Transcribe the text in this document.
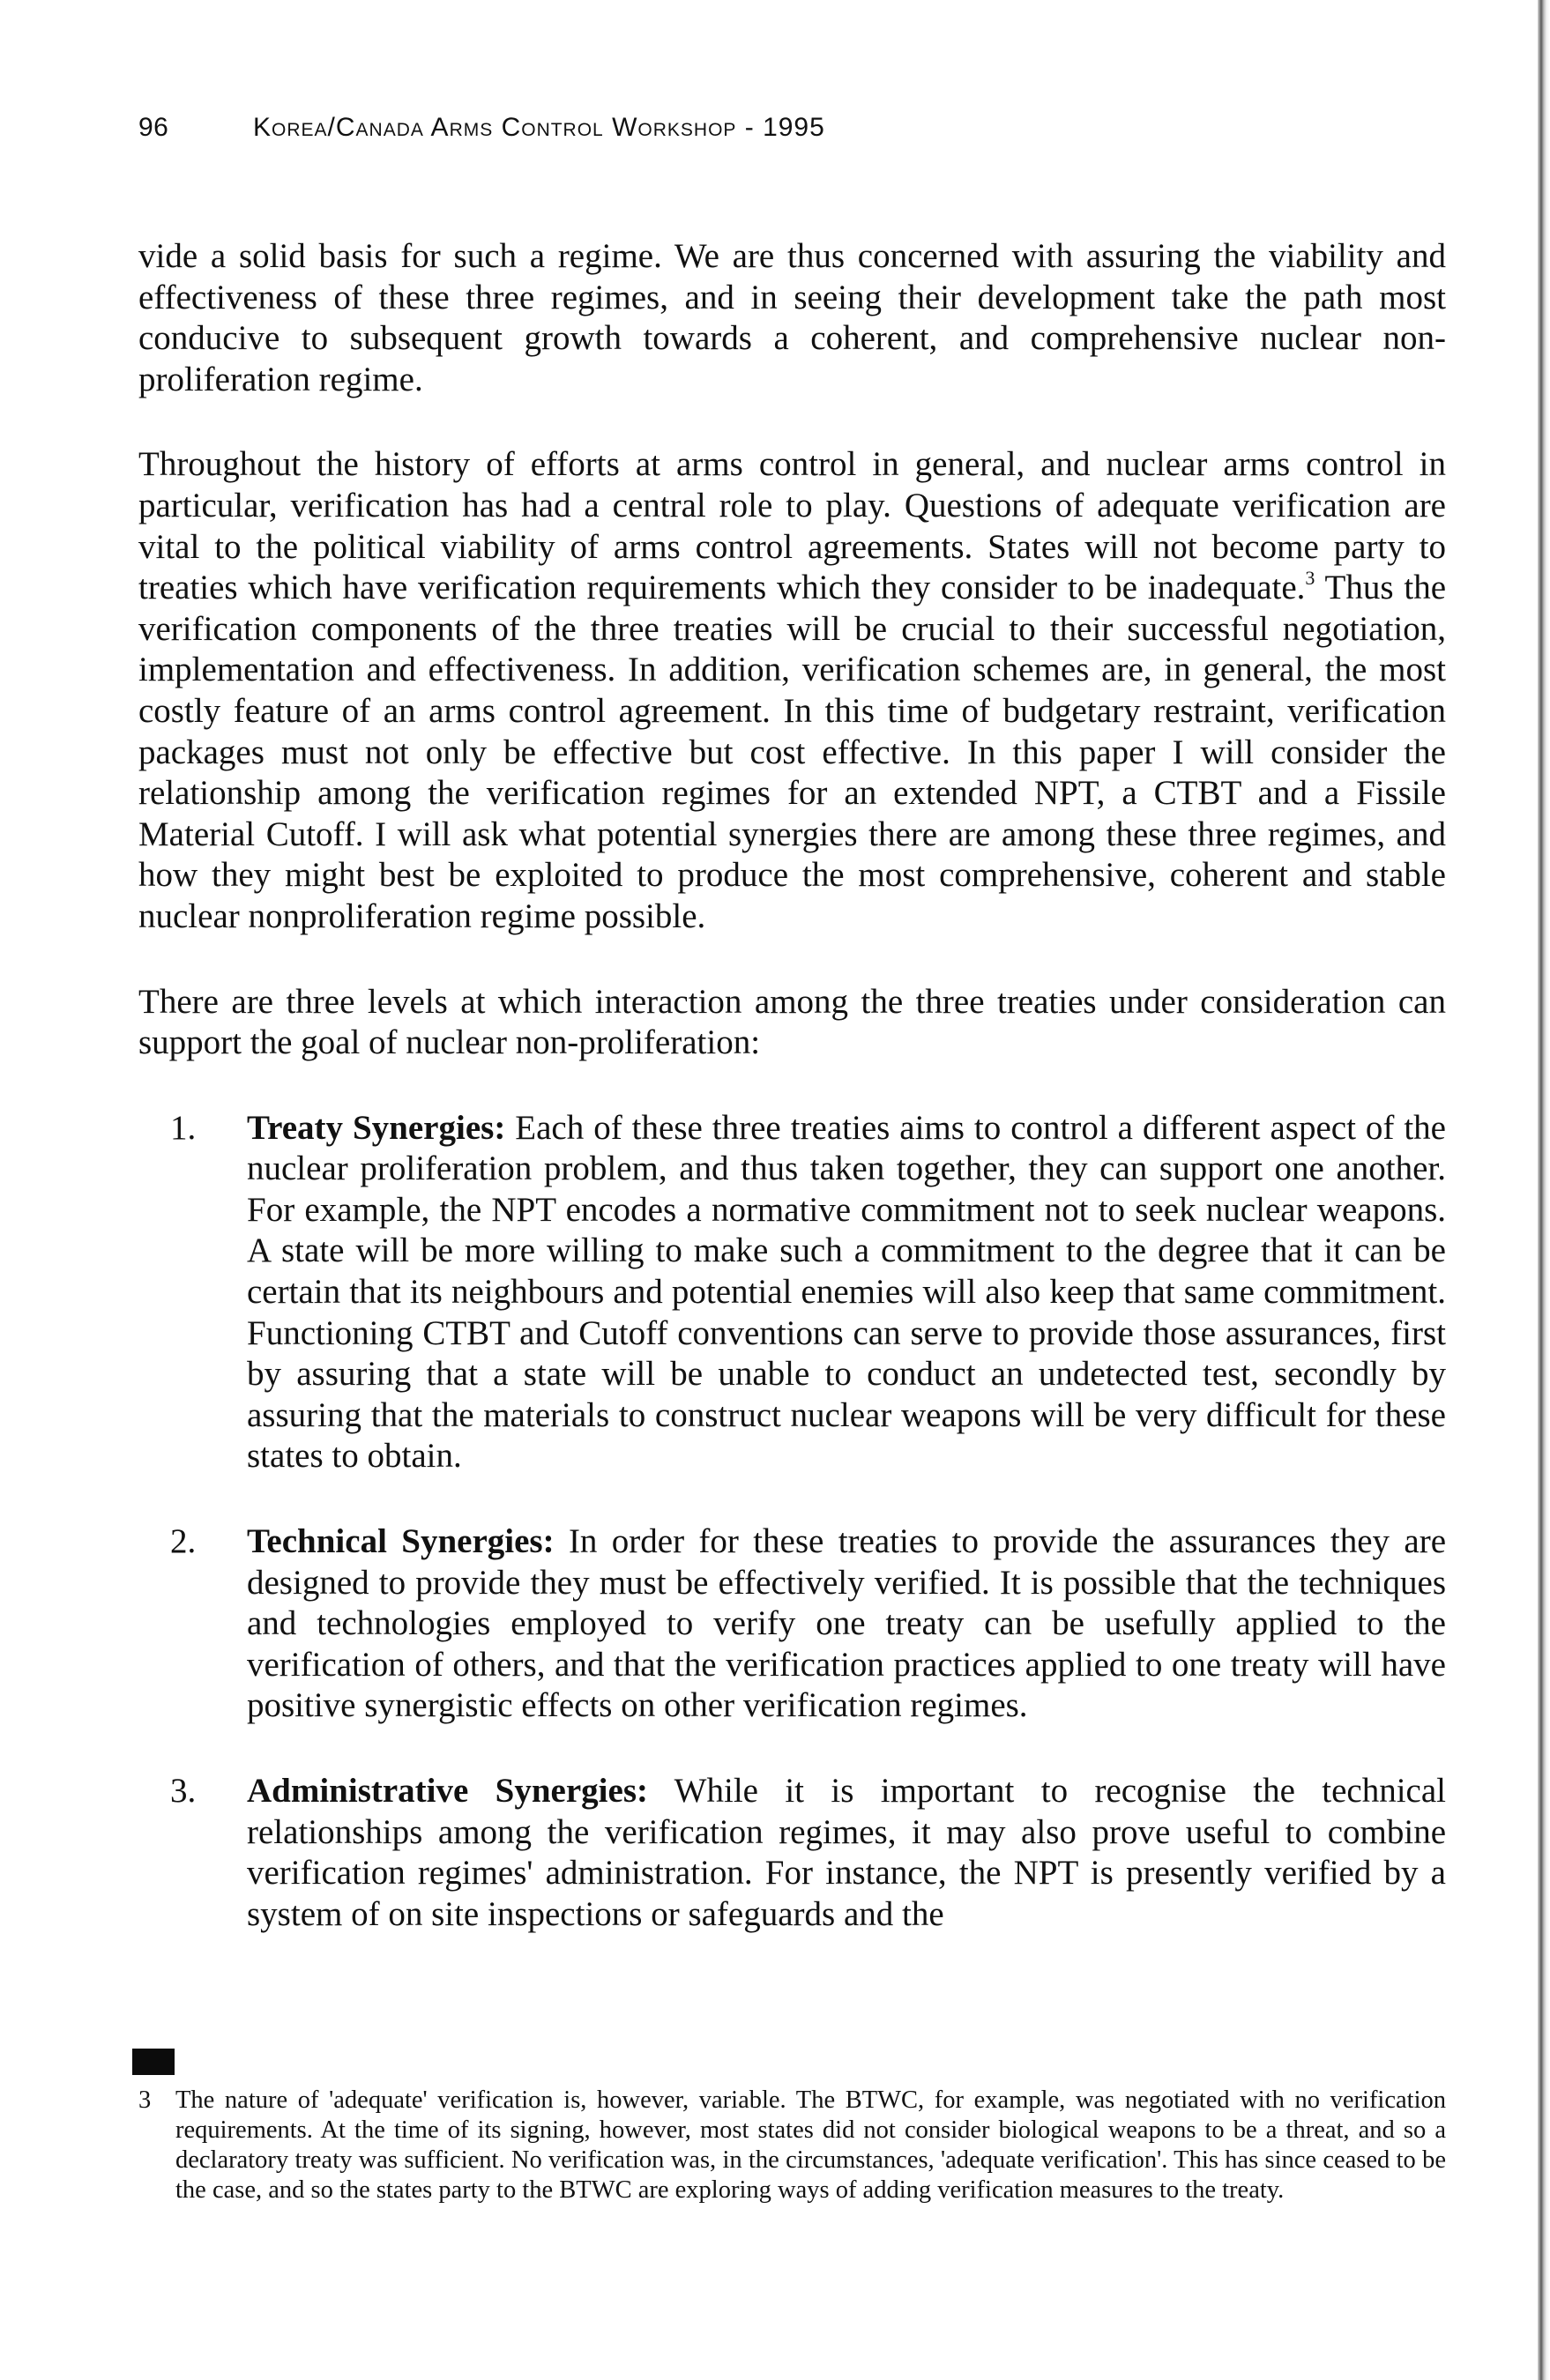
96	Korea/Canada Arms Control Workshop - 1995

vide a solid basis for such a regime. We are thus concerned with assuring the viability and effectiveness of these three regimes, and in seeing their development take the path most conducive to subsequent growth towards a coherent, and comprehensive nuclear non-proliferation regime.

Throughout the history of efforts at arms control in general, and nuclear arms control in particular, verification has had a central role to play. Questions of adequate verification are vital to the political viability of arms control agreements. States will not become party to treaties which have verification requirements which they consider to be inadequate.$^3$ Thus the verification components of the three treaties will be crucial to their successful negotiation, implementation and effectiveness. In addition, verification schemes are, in general, the most costly feature of an arms control agreement. In this time of budgetary restraint, verification packages must not only be effective but cost effective. In this paper I will consider the relationship among the verification regimes for an extended NPT, a CTBT and a Fissile Material Cutoff. I will ask what potential synergies there are among these three regimes, and how they might best be exploited to produce the most comprehensive, coherent and stable nuclear nonproliferation regime possible.

There are three levels at which interaction among the three treaties under consideration can support the goal of nuclear non-proliferation:

1. Treaty Synergies: Each of these three treaties aims to control a different aspect of the nuclear proliferation problem, and thus taken together, they can support one another. For example, the NPT encodes a normative commitment not to seek nuclear weapons. A state will be more willing to make such a commitment to the degree that it can be certain that its neighbours and potential enemies will also keep that same commitment. Functioning CTBT and Cutoff conventions can serve to provide those assurances, first by assuring that a state will be unable to conduct an undetected test, secondly by assuring that the materials to construct nuclear weapons will be very difficult for these states to obtain.
2. Technical Synergies: In order for these treaties to provide the assurances they are designed to provide they must be effectively verified. It is possible that the techniques and technologies employed to verify one treaty can be usefully applied to the verification of others, and that the verification practices applied to one treaty will have positive synergistic effects on other verification regimes.
3. Administrative Synergies: While it is important to recognise the technical relationships among the verification regimes, it may also prove useful to combine verification regimes' administration. For instance, the NPT is presently verified by a system of on site inspections or safeguards and the
3 The nature of 'adequate' verification is, however, variable. The BTWC, for example, was negotiated with no verification requirements. At the time of its signing, however, most states did not consider biological weapons to be a threat, and so a declaratory treaty was sufficient. No verification was, in the circumstances, 'adequate verification'. This has since ceased to be the case, and so the states party to the BTWC are exploring ways of adding verification measures to the treaty.
